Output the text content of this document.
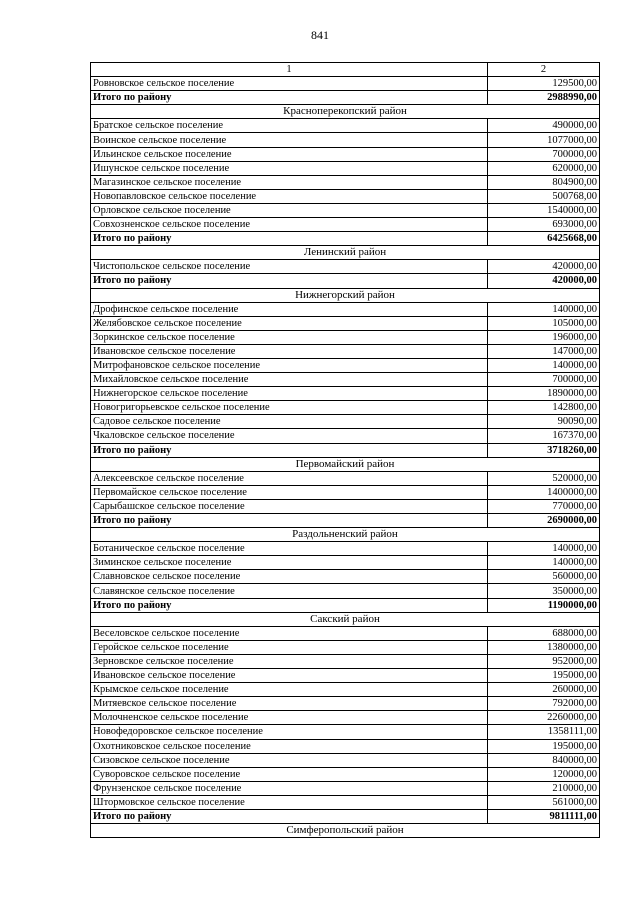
841
1	2
Ровновское сельское поселение	129500,00
Итого по району	2988990,00
Красноперекопский район	
Братское сельское поселение	490000,00
Воинское сельское поселение	1077000,00
Ильинское сельское поселение	700000,00
Ишунское сельское поселение	620000,00
Магазинское сельское поселение	804900,00
Новопавловское сельское поселение	500768,00
Орловское сельское поселение	1540000,00
Совхозненское сельское поселение	693000,00
Итого по району	6425668,00
Ленинский район	
Чистопольское сельское поселение	420000,00
Итого по району	420000,00
Нижнегорский район	
Дрофинское сельское поселение	140000,00
Желябовское сельское поселение	105000,00
Зоркинское сельское поселение	196000,00
Ивановское сельское поселение	147000,00
Митрофановское сельское поселение	140000,00
Михайловское сельское поселение	700000,00
Нижнегорское сельское поселение	1890000,00
Новогригорьевское сельское поселение	142800,00
Садовое сельское поселение	90090,00
Чкаловское сельское поселение	167370,00
Итого по району	3718260,00
Первомайский район	
Алексеевское сельское поселение	520000,00
Первомайское сельское поселение	1400000,00
Сарыбашское сельское поселение	770000,00
Итого по району	2690000,00
Раздольненский район	
Ботаническое сельское поселение	140000,00
Зиминское сельское поселение	140000,00
Славновское сельское поселение	560000,00
Славянское сельское поселение	350000,00
Итого по району	1190000,00
Сакский район	
Веселовское сельское поселение	688000,00
Геройское сельское поселение	1380000,00
Зерновское сельское поселение	952000,00
Ивановское сельское поселение	195000,00
Крымское сельское поселение	260000,00
Митяевское сельское поселение	792000,00
Молочненское сельское поселение	2260000,00
Новофедоровское сельское поселение	1358111,00
Охотниковское сельское поселение	195000,00
Сизовское сельское поселение	840000,00
Суворовское сельское поселение	120000,00
Фрунзенское сельское поселение	210000,00
Штормовское сельское поселение	561000,00
Итого по району	9811111,00
Симферопольский район	
